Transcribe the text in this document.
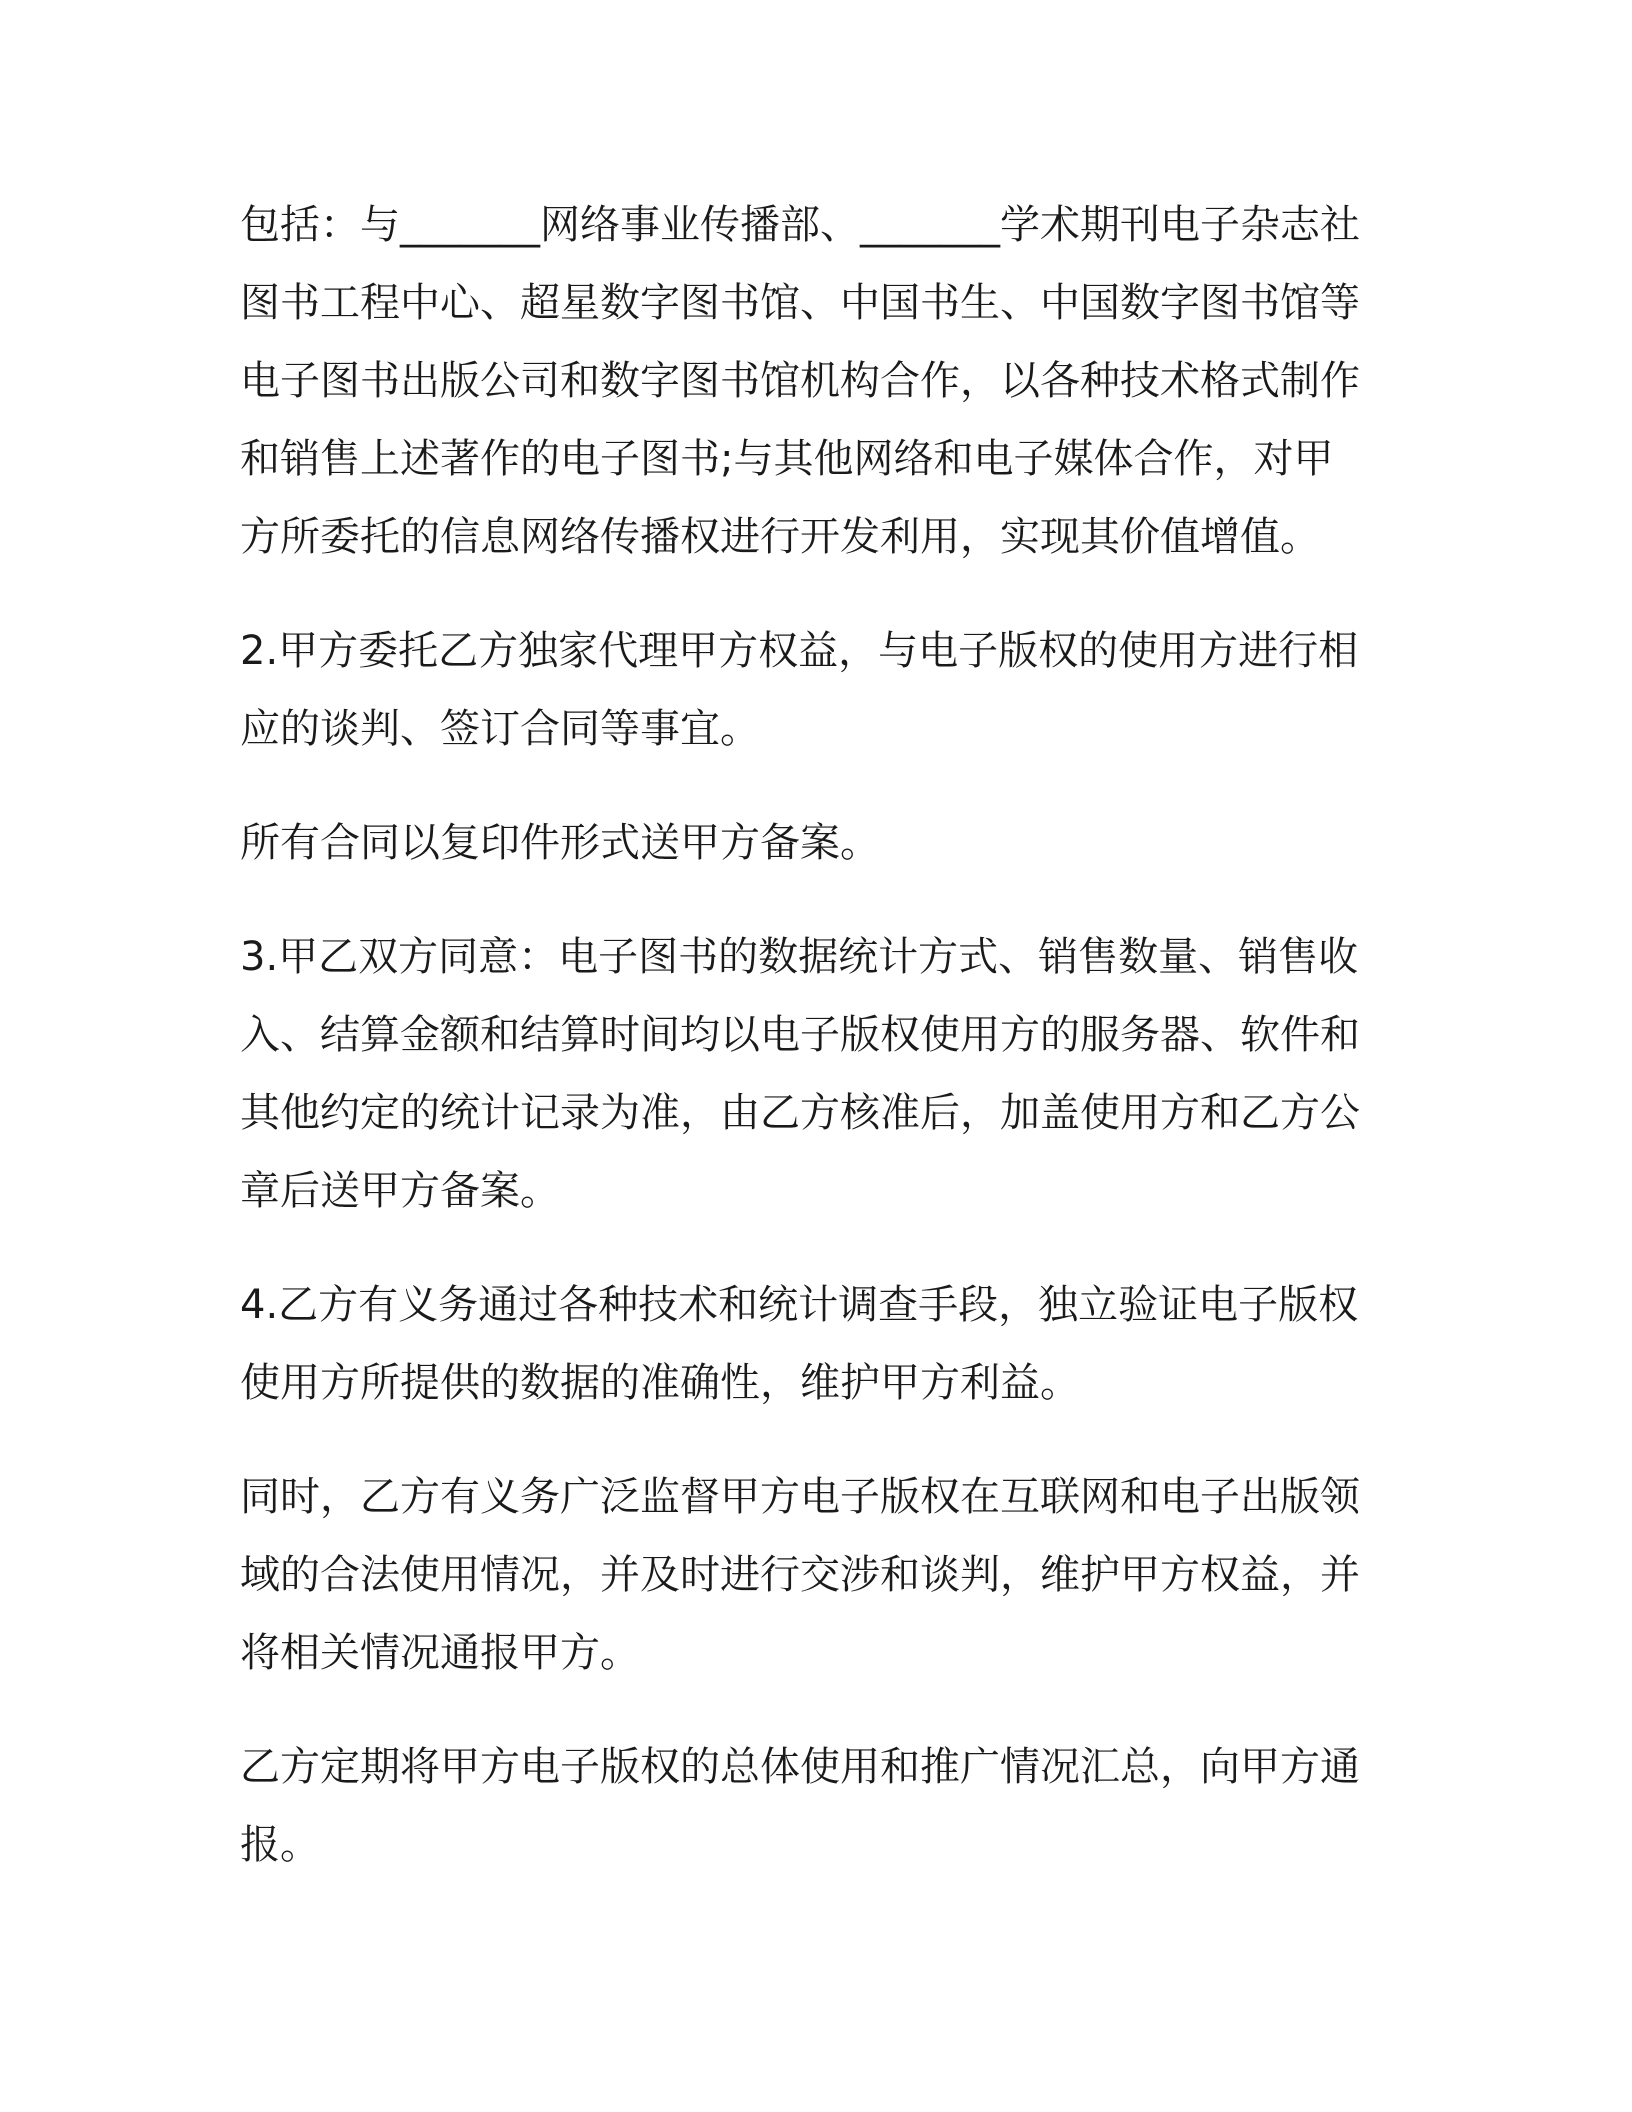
包括：与_______网络事业传播部、_______学术期刊电子杂志社图书工程中心、超星数字图书馆、中国书生、中国数字图书馆等电子图书出版公司和数字图书馆机构合作，以各种技术格式制作和销售上述著作的电子图书;与其他网络和电子媒体合作，对甲方所委托的信息网络传播权进行开发利用，实现其价值增值。

2.甲方委托乙方独家代理甲方权益，与电子版权的使用方进行相应的谈判、签订合同等事宜。

所有合同以复印件形式送甲方备案。

3.甲乙双方同意：电子图书的数据统计方式、销售数量、销售收入、结算金额和结算时间均以电子版权使用方的服务器、软件和其他约定的统计记录为准，由乙方核准后，加盖使用方和乙方公章后送甲方备案。

4.乙方有义务通过各种技术和统计调查手段，独立验证电子版权使用方所提供的数据的准确性，维护甲方利益。

同时，乙方有义务广泛监督甲方电子版权在互联网和电子出版领域的合法使用情况，并及时进行交涉和谈判，维护甲方权益，并将相关情况通报甲方。

乙方定期将甲方电子版权的总体使用和推广情况汇总，向甲方通报。
